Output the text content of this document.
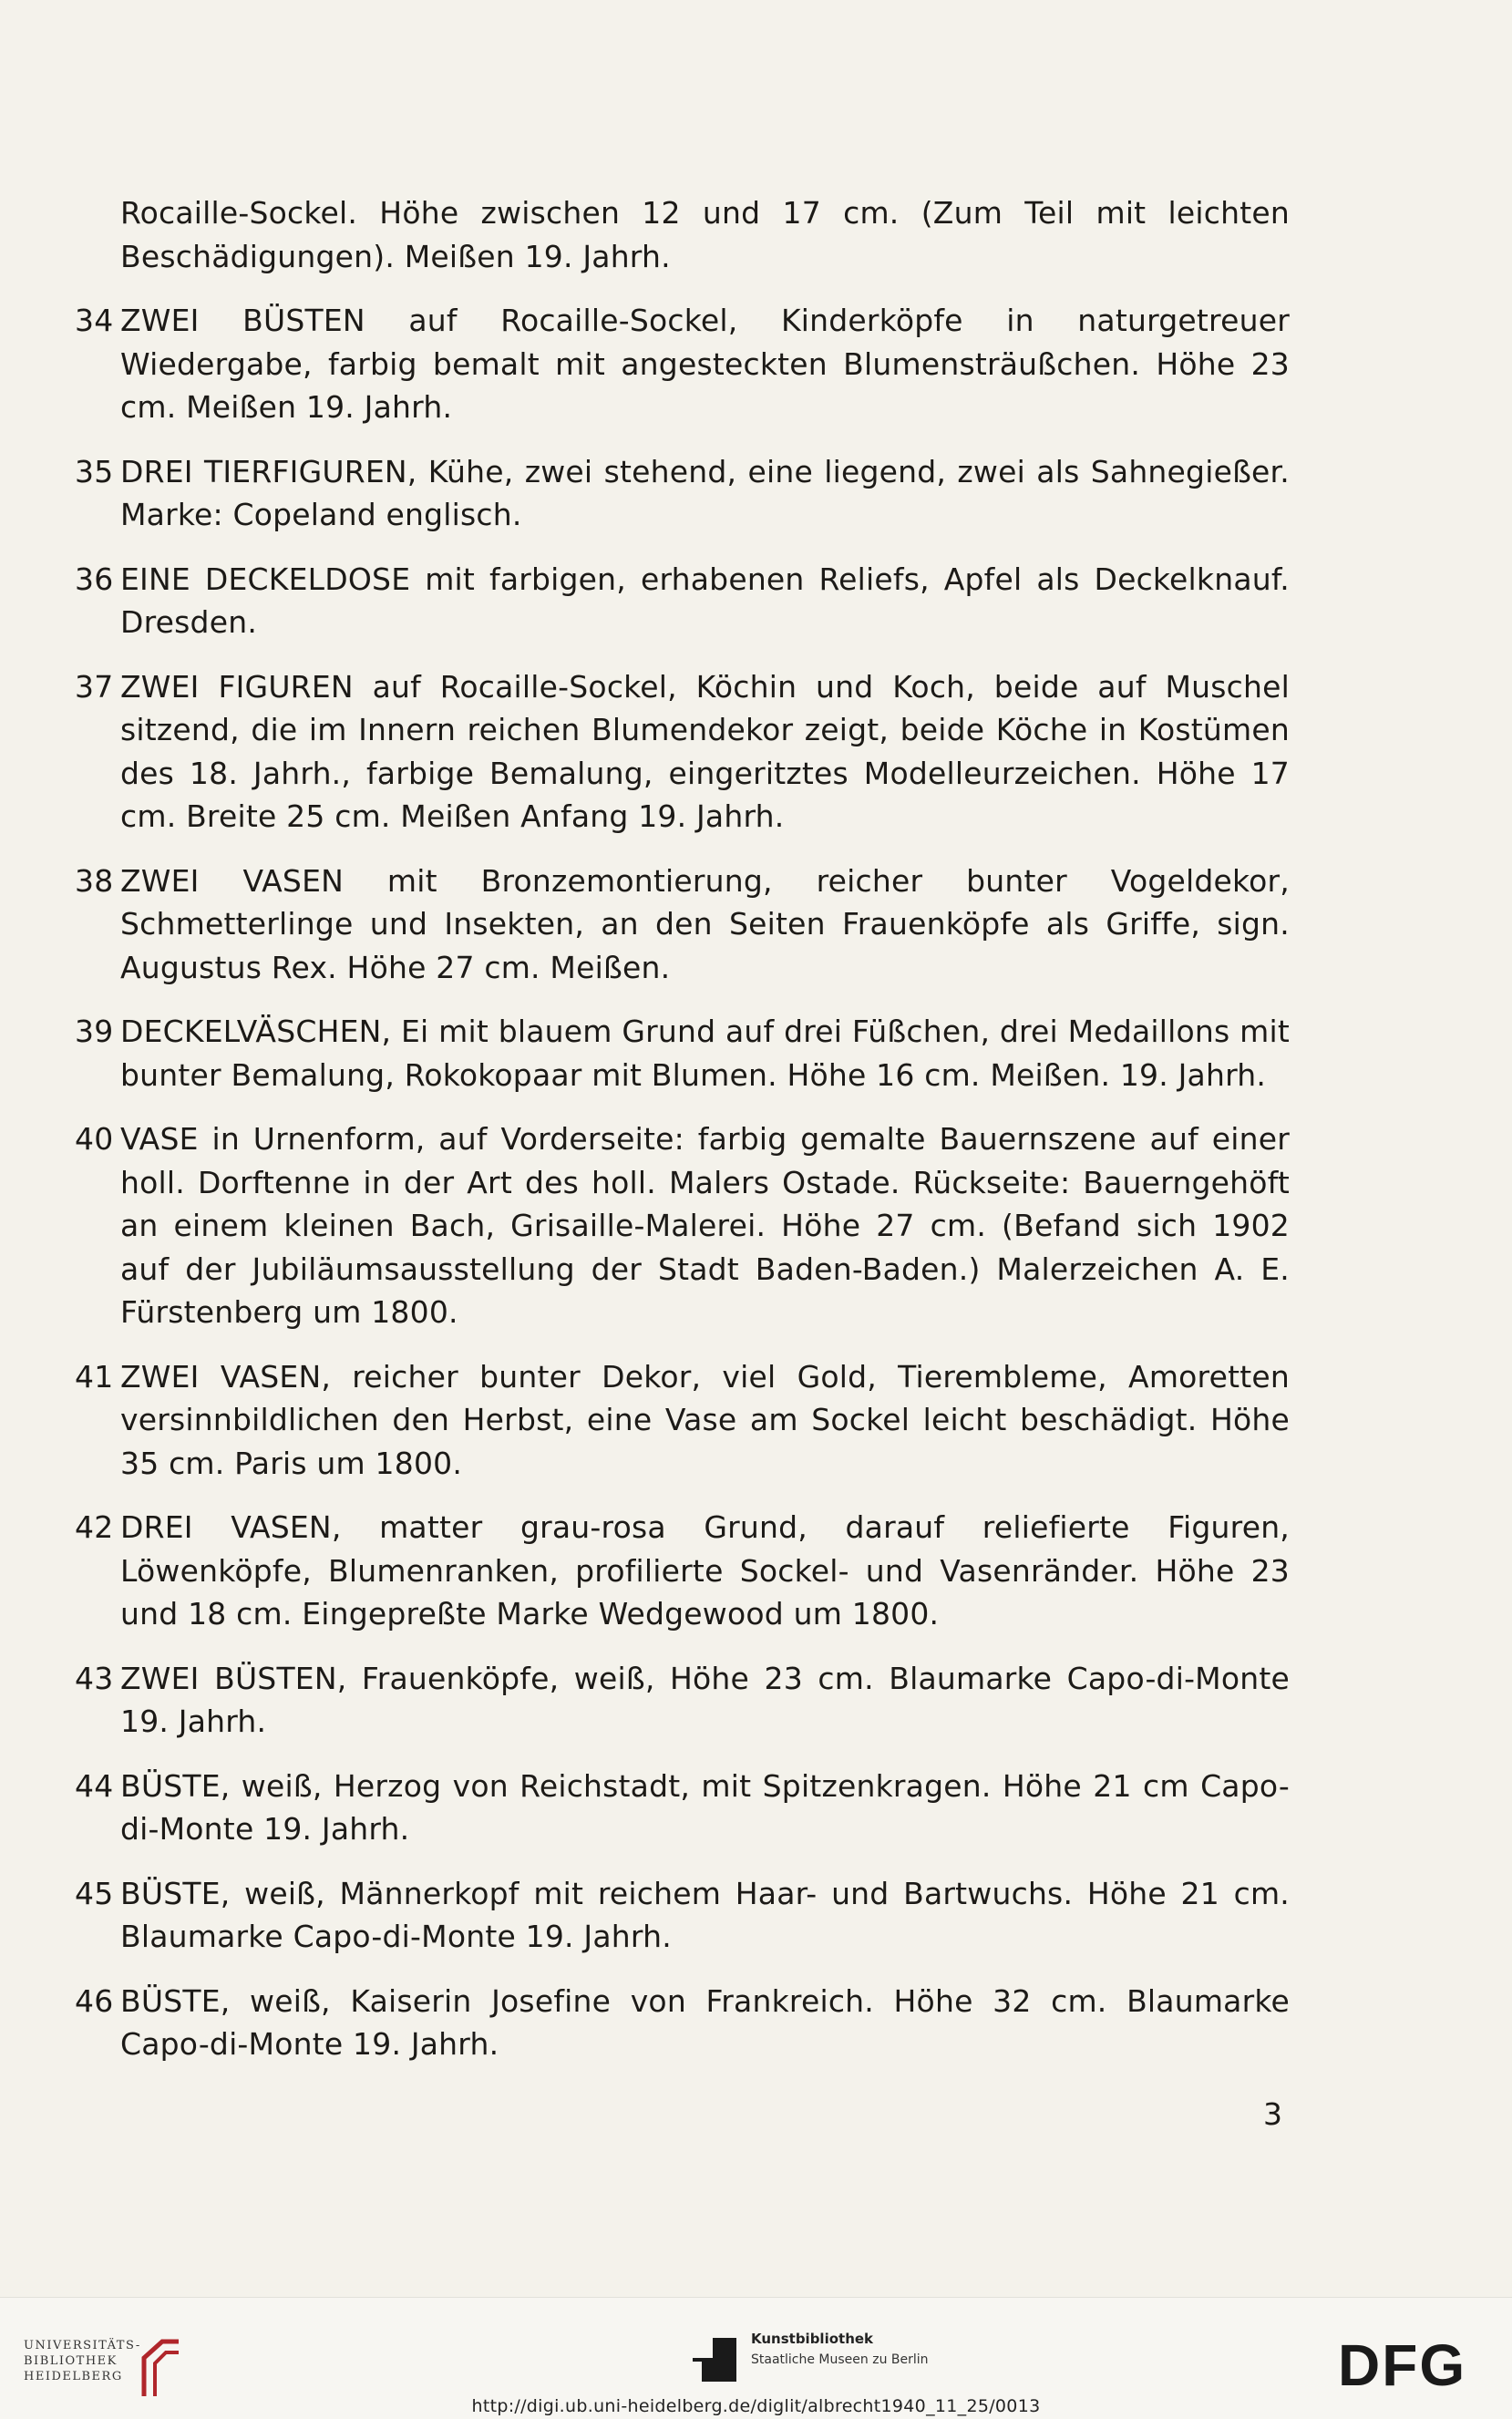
Rocaille-Sockel. Höhe zwischen 12 und 17 cm. (Zum Teil mit leichten Beschädigungen). Meißen 19. Jahrh.
34 ZWEI BÜSTEN auf Rocaille-Sockel, Kinderköpfe in naturgetreuer Wiedergabe, farbig bemalt mit angesteckten Blumensträußchen. Höhe 23 cm. Meißen 19. Jahrh.
35 DREI TIERFIGUREN, Kühe, zwei stehend, eine liegend, zwei als Sahnegießer. Marke: Copeland englisch.
36 EINE DECKELDOSE mit farbigen, erhabenen Reliefs, Apfel als Deckelknauf. Dresden.
37 ZWEI FIGUREN auf Rocaille-Sockel, Köchin und Koch, beide auf Muschel sitzend, die im Innern reichen Blumendekor zeigt, beide Köche in Kostümen des 18. Jahrh., farbige Bemalung, eingeritztes Modelleurzeichen. Höhe 17 cm. Breite 25 cm. Meißen Anfang 19. Jahrh.
38 ZWEI VASEN mit Bronzemontierung, reicher bunter Vogeldekor, Schmetterlinge und Insekten, an den Seiten Frauenköpfe als Griffe, sign. Augustus Rex. Höhe 27 cm. Meißen.
39 DECKELVÄSCHEN, Ei mit blauem Grund auf drei Füßchen, drei Medaillons mit bunter Bemalung, Rokokopaar mit Blumen. Höhe 16 cm. Meißen. 19. Jahrh.
40 VASE in Urnenform, auf Vorderseite: farbig gemalte Bauernszene auf einer holl. Dorftenne in der Art des holl. Malers Ostade. Rückseite: Bauerngehöft an einem kleinen Bach, Grisaille-Malerei. Höhe 27 cm. (Befand sich 1902 auf der Jubiläumsausstellung der Stadt Baden-Baden.) Malerzeichen A. E. Fürstenberg um 1800.
41 ZWEI VASEN, reicher bunter Dekor, viel Gold, Tierembleme, Amoretten versinnbildlichen den Herbst, eine Vase am Sockel leicht beschädigt. Höhe 35 cm. Paris um 1800.
42 DREI VASEN, matter grau-rosa Grund, darauf reliefierte Figuren, Löwenköpfe, Blumenranken, profilierte Sockel- und Vasenränder. Höhe 23 und 18 cm. Eingepreßte Marke Wedgewood um 1800.
43 ZWEI BÜSTEN, Frauenköpfe, weiß, Höhe 23 cm. Blaumarke Capo-di-Monte 19. Jahrh.
44 BÜSTE, weiß, Herzog von Reichstadt, mit Spitzenkragen. Höhe 21 cm Capo-di-Monte 19. Jahrh.
45 BÜSTE, weiß, Männerkopf mit reichem Haar- und Bartwuchs. Höhe 21 cm. Blaumarke Capo-di-Monte 19. Jahrh.
46 BÜSTE, weiß, Kaiserin Josefine von Frankreich. Höhe 32 cm. Blaumarke Capo-di-Monte 19. Jahrh.
3
UNIVERSITÄTS-
BIBLIOTHEK
HEIDELBERG
Kunstbibliothek
Staatliche Museen zu Berlin	DFG
http://digi.ub.uni-heidelberg.de/diglit/albrecht1940_11_25/0013
